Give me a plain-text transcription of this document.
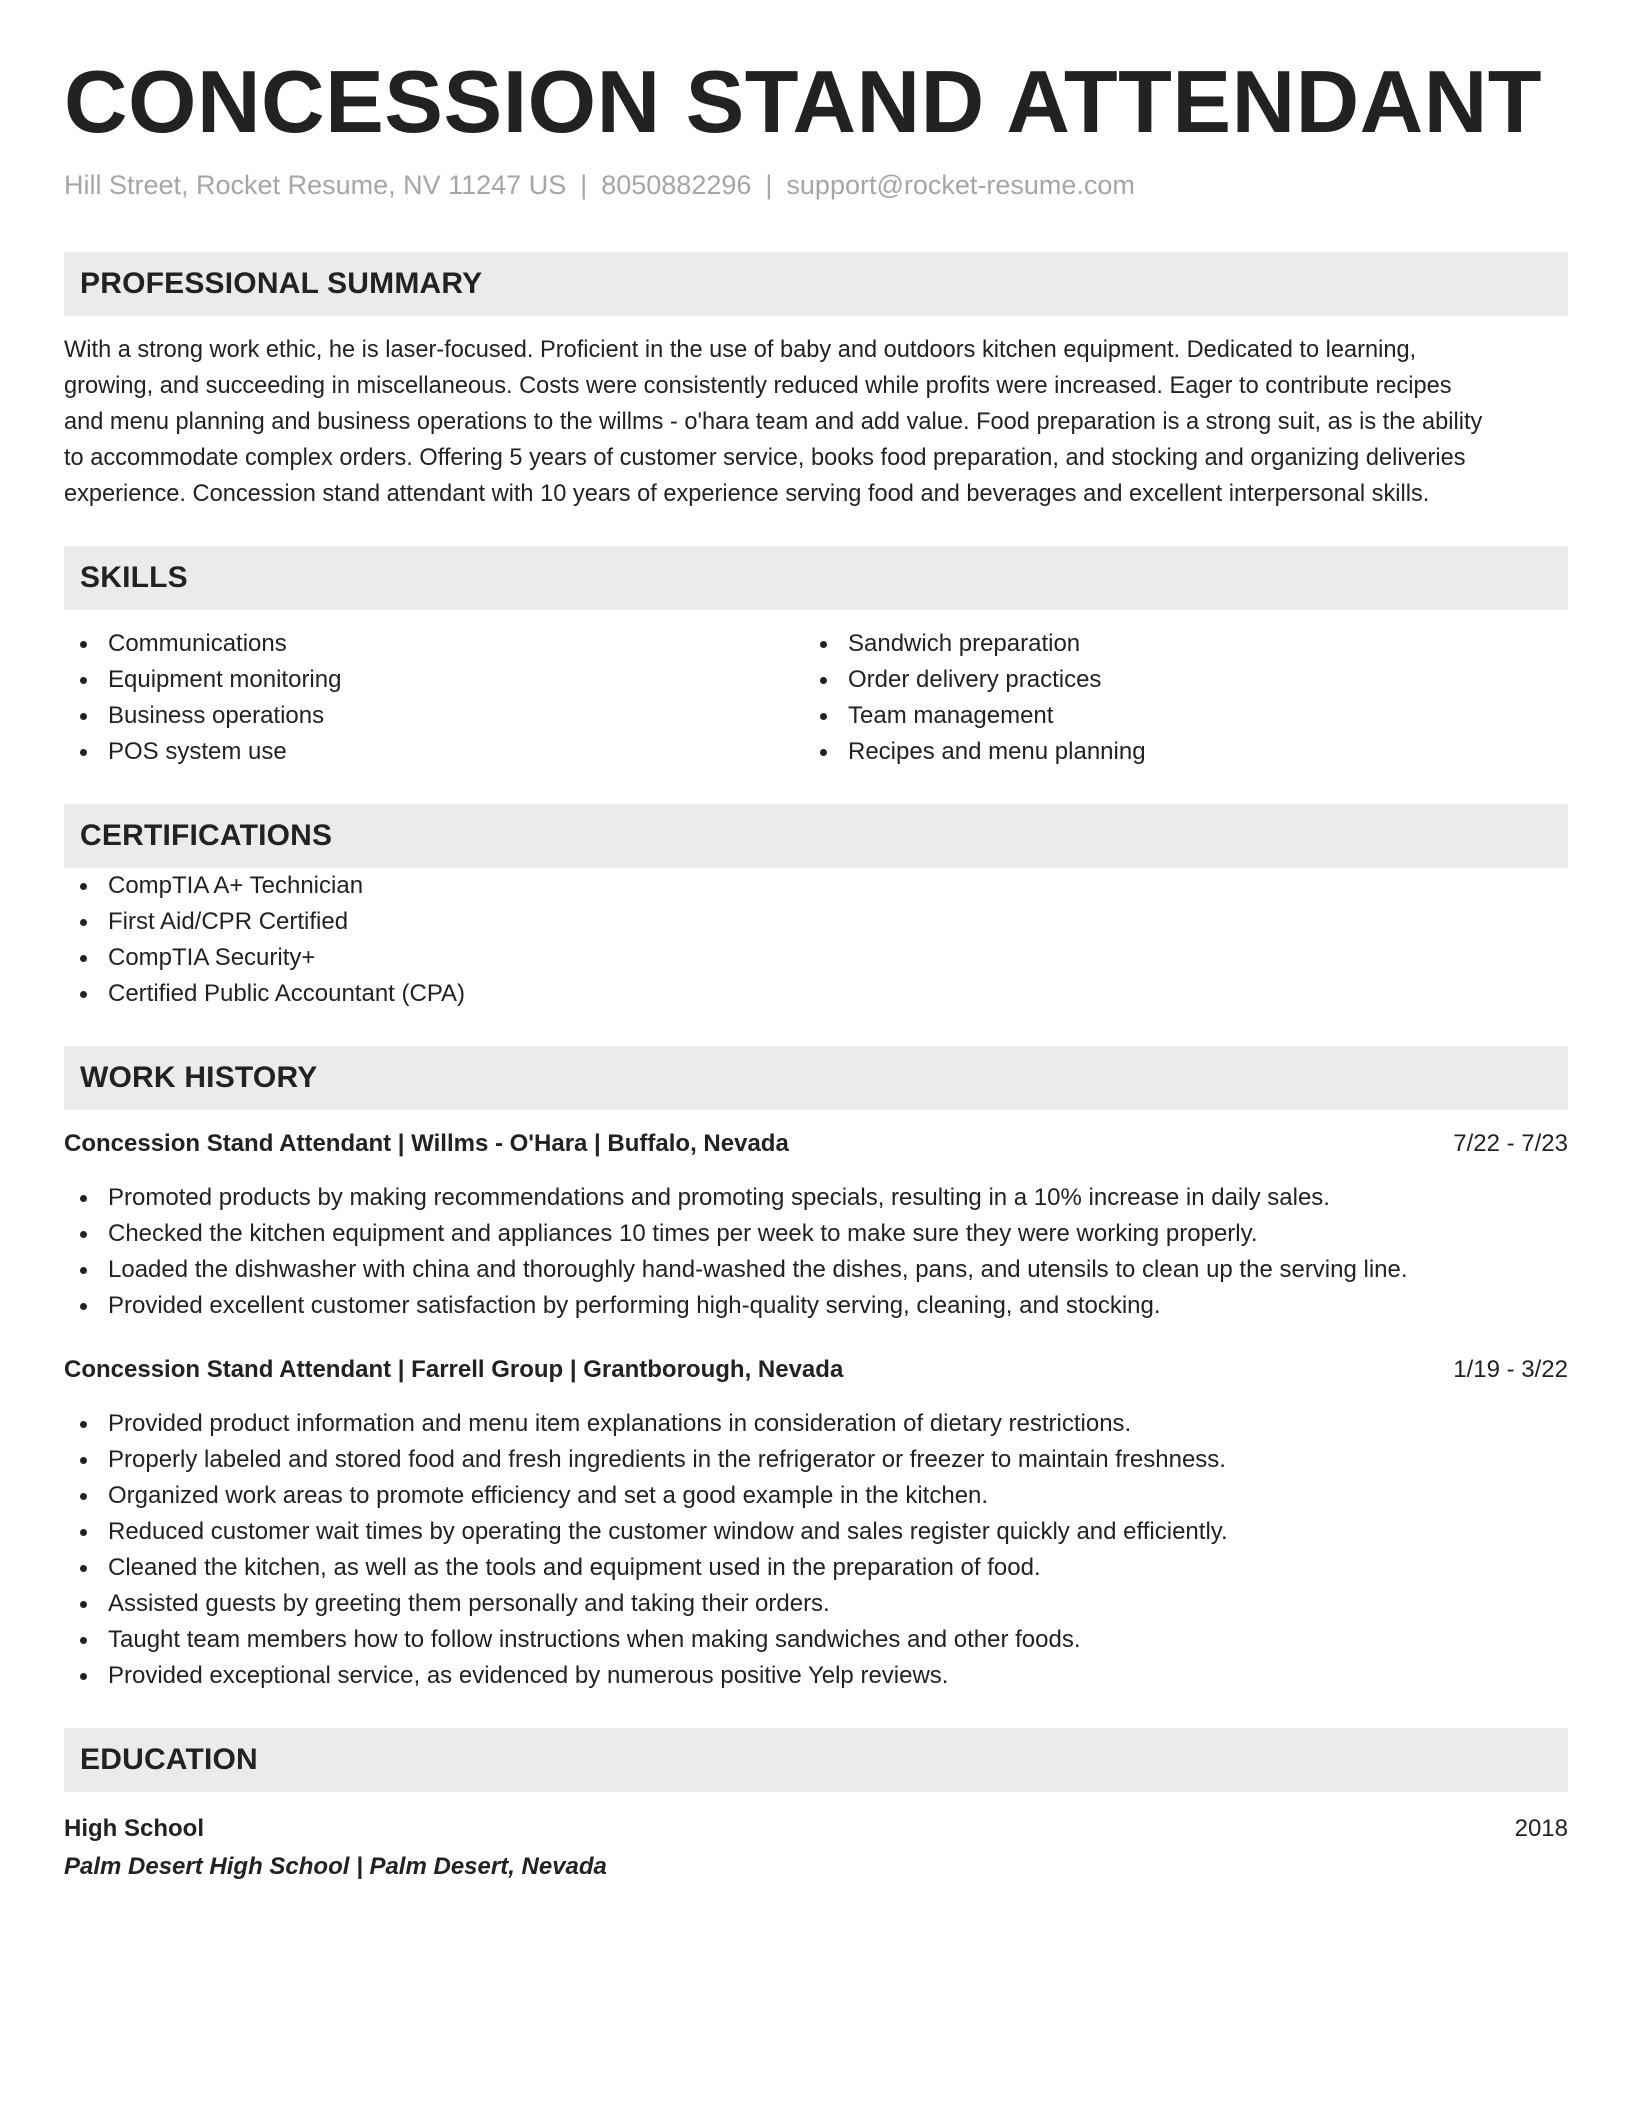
CONCESSION STAND ATTENDANT
Hill Street, Rocket Resume, NV 11247 US | 8050882296 | support@rocket-resume.com
PROFESSIONAL SUMMARY
With a strong work ethic, he is laser-focused. Proficient in the use of baby and outdoors kitchen equipment. Dedicated to learning,
growing, and succeeding in miscellaneous. Costs were consistently reduced while profits were increased. Eager to contribute recipes
and menu planning and business operations to the willms - o'hara team and add value. Food preparation is a strong suit, as is the ability
to accommodate complex orders. Offering 5 years of customer service, books food preparation, and stocking and organizing deliveries
experience. Concession stand attendant with 10 years of experience serving food and beverages and excellent interpersonal skills.
SKILLS
Communications
Equipment monitoring
Business operations
POS system use
Sandwich preparation
Order delivery practices
Team management
Recipes and menu planning
CERTIFICATIONS
CompTIA A+ Technician
First Aid/CPR Certified
CompTIA Security+
Certified Public Accountant (CPA)
WORK HISTORY
Concession Stand Attendant | Willms - O'Hara | Buffalo, Nevada	7/22 - 7/23
Promoted products by making recommendations and promoting specials, resulting in a 10% increase in daily sales.
Checked the kitchen equipment and appliances 10 times per week to make sure they were working properly.
Loaded the dishwasher with china and thoroughly hand-washed the dishes, pans, and utensils to clean up the serving line.
Provided excellent customer satisfaction by performing high-quality serving, cleaning, and stocking.
Concession Stand Attendant | Farrell Group | Grantborough, Nevada	1/19 - 3/22
Provided product information and menu item explanations in consideration of dietary restrictions.
Properly labeled and stored food and fresh ingredients in the refrigerator or freezer to maintain freshness.
Organized work areas to promote efficiency and set a good example in the kitchen.
Reduced customer wait times by operating the customer window and sales register quickly and efficiently.
Cleaned the kitchen, as well as the tools and equipment used in the preparation of food.
Assisted guests by greeting them personally and taking their orders.
Taught team members how to follow instructions when making sandwiches and other foods.
Provided exceptional service, as evidenced by numerous positive Yelp reviews.
EDUCATION
High School	2018
Palm Desert High School | Palm Desert, Nevada
